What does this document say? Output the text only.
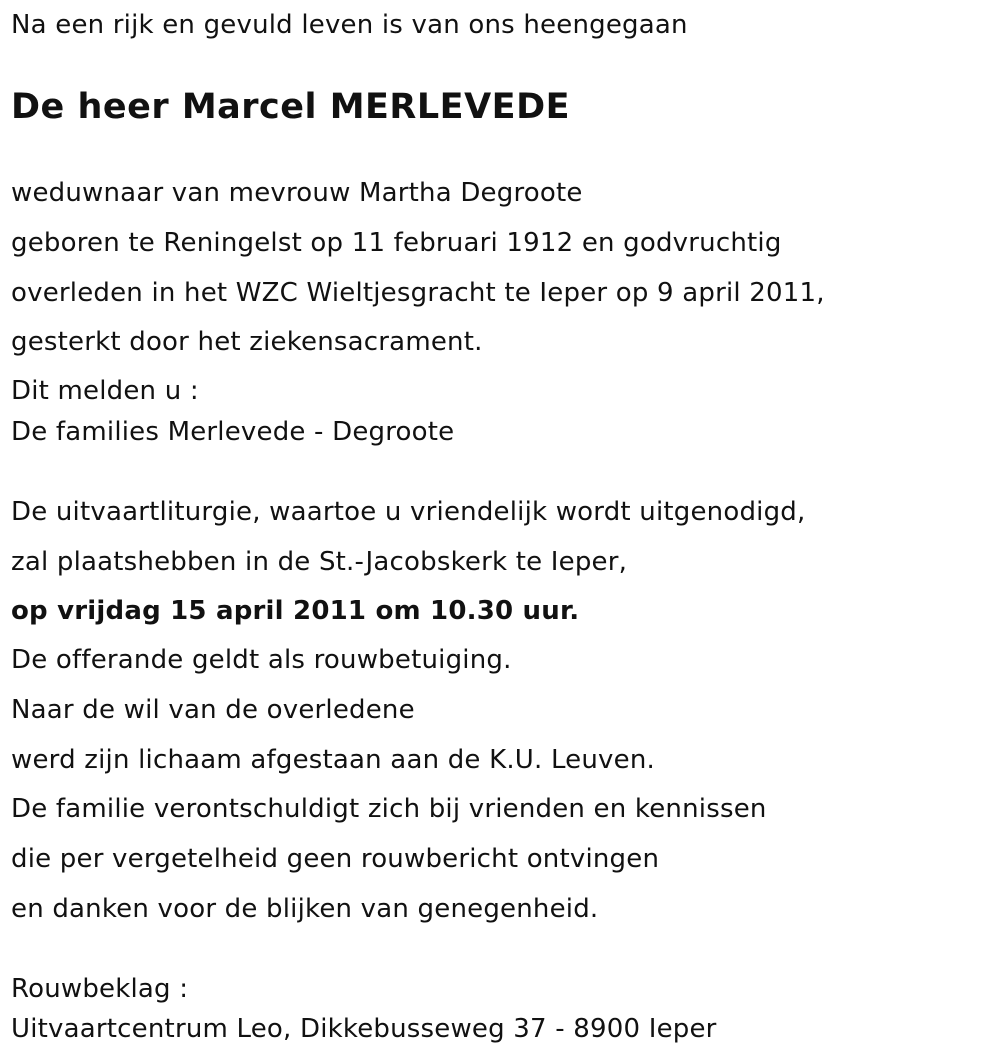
Na een rijk en gevuld leven is van ons heengegaan
De heer Marcel MERLEVEDE
weduwnaar van mevrouw Martha Degroote
geboren te Reningelst op 11 februari 1912 en godvruchtig
overleden in het WZC Wieltjesgracht te Ieper op 9 april 2011,
gesterkt door het ziekensacrament.
Dit melden u :
De families Merlevede - Degroote
De uitvaartliturgie, waartoe u vriendelijk wordt uitgenodigd,
zal plaatshebben in de St.-Jacobskerk te Ieper,
op vrijdag 15 april 2011 om 10.30 uur.
De offerande geldt als rouwbetuiging.
Naar de wil van de overledene
werd zijn lichaam afgestaan aan de K.U. Leuven.
De familie verontschuldigt zich bij vrienden en kennissen
die per vergetelheid geen rouwbericht ontvingen
en danken voor de blijken van genegenheid.
Rouwbeklag :
Uitvaartcentrum Leo, Dikkebusseweg 37 - 8900 Ieper
